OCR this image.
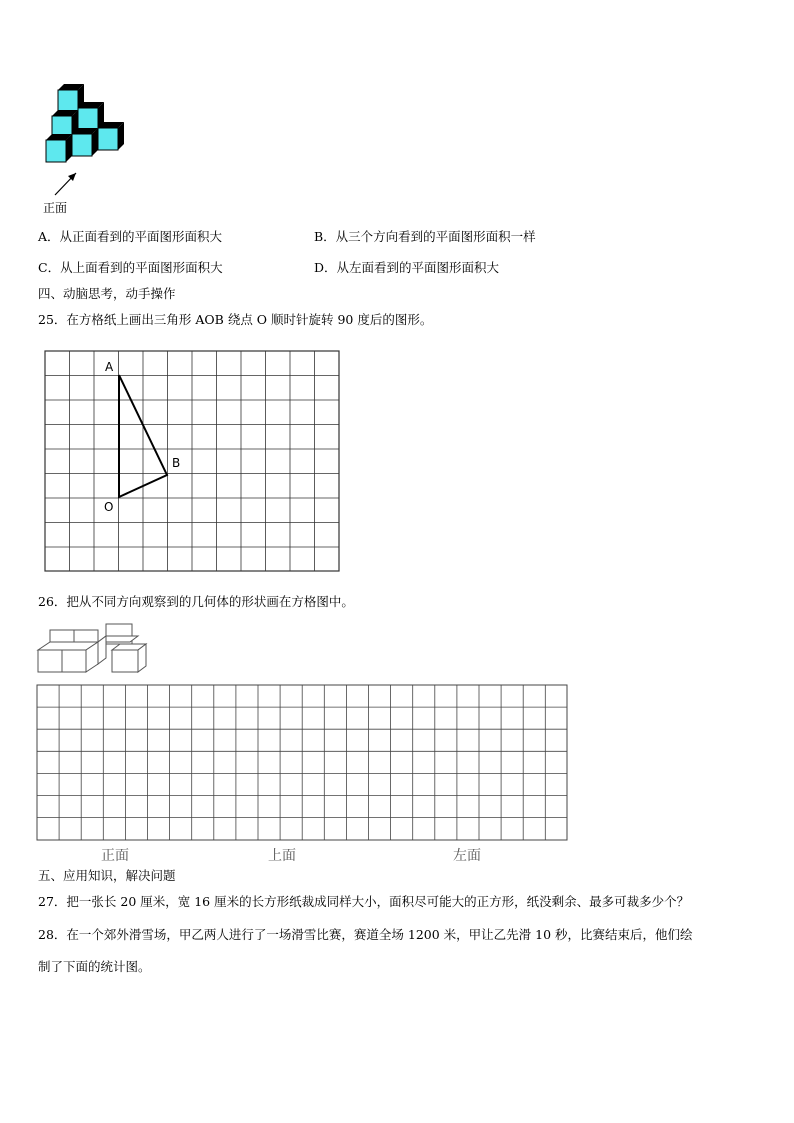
正面
A．从正面看到的平面图形面积大	B．从三个方向看到的平面图形面积一样
C．从上面看到的平面图形面积大	D．从左面看到的平面图形面积大
四、动脑思考，动手操作
25．在方格纸上画出三角形 AOB 绕点 O 顺时针旋转 90 度后的图形。
A
B
O
26．把从不同方向观察到的几何体的形状画在方格图中。
正面	上面	左面
五、应用知识，解决问题
27．把一张长 20 厘米，宽 16 厘米的长方形纸裁成同样大小，面积尽可能大的正方形，纸没剩余、最多可裁多少个？
28．在一个郊外滑雪场，甲乙两人进行了一场滑雪比赛，赛道全场 1200 米，甲让乙先滑 10 秒，比赛结束后，他们绘
制了下面的统计图。
